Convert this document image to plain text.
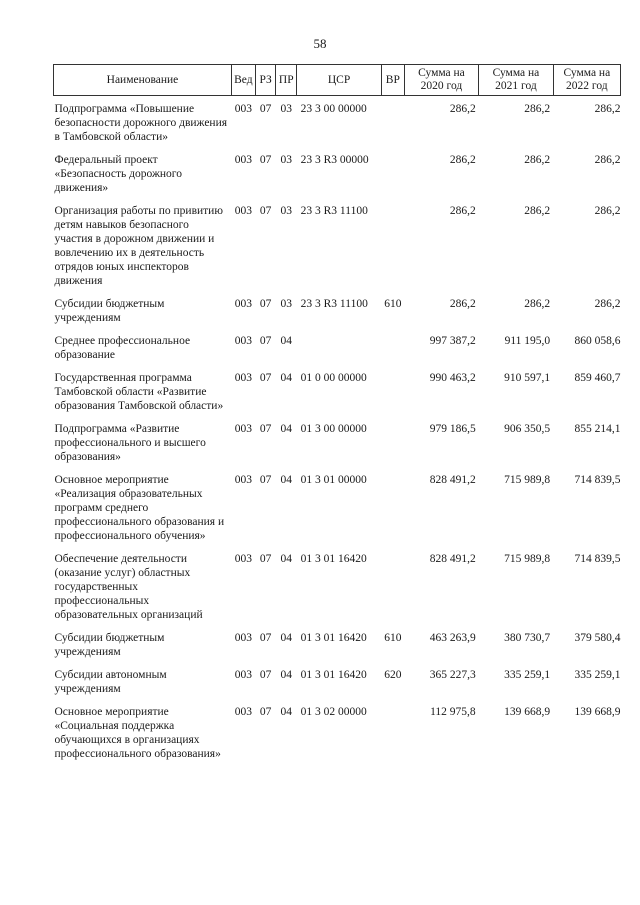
58
Наименование	Вед	РЗ	ПР	ЦСР	ВР	Сумма на 2020 год	Сумма на 2021 год	Сумма на 2022 год
Подпрограмма «Повышение безопасности дорожного движения в Тамбовской области»	003	07	03	23 3 00 00000		286,2	286,2	286,2
Федеральный проект «Безопасность дорожного движения»	003	07	03	23 3 R3 00000		286,2	286,2	286,2
Организация работы по привитию детям навыков безопасного участия в дорожном движении и вовлечению их в деятельность отрядов юных инспекторов движения	003	07	03	23 3 R3 11100		286,2	286,2	286,2
Субсидии бюджетным учреждениям	003	07	03	23 3 R3 11100	610	286,2	286,2	286,2
Среднее профессиональное образование	003	07	04			997 387,2	911 195,0	860 058,6
Государственная программа Тамбовской области «Развитие образования Тамбовской области»	003	07	04	01 0 00 00000		990 463,2	910 597,1	859 460,7
Подпрограмма «Развитие профессионального и высшего образования»	003	07	04	01 3 00 00000		979 186,5	906 350,5	855 214,1
Основное мероприятие «Реализация образовательных программ среднего профессионального образования и профессионального обучения»	003	07	04	01 3 01 00000		828 491,2	715 989,8	714 839,5
Обеспечение деятельности (оказание услуг) областных государственных профессиональных образовательных организаций	003	07	04	01 3 01 16420		828 491,2	715 989,8	714 839,5
Субсидии бюджетным учреждениям	003	07	04	01 3 01 16420	610	463 263,9	380 730,7	379 580,4
Субсидии автономным учреждениям	003	07	04	01 3 01 16420	620	365 227,3	335 259,1	335 259,1
Основное мероприятие «Социальная поддержка обучающихся в организациях профессионального образования»	003	07	04	01 3 02 00000		112 975,8	139 668,9	139 668,9
